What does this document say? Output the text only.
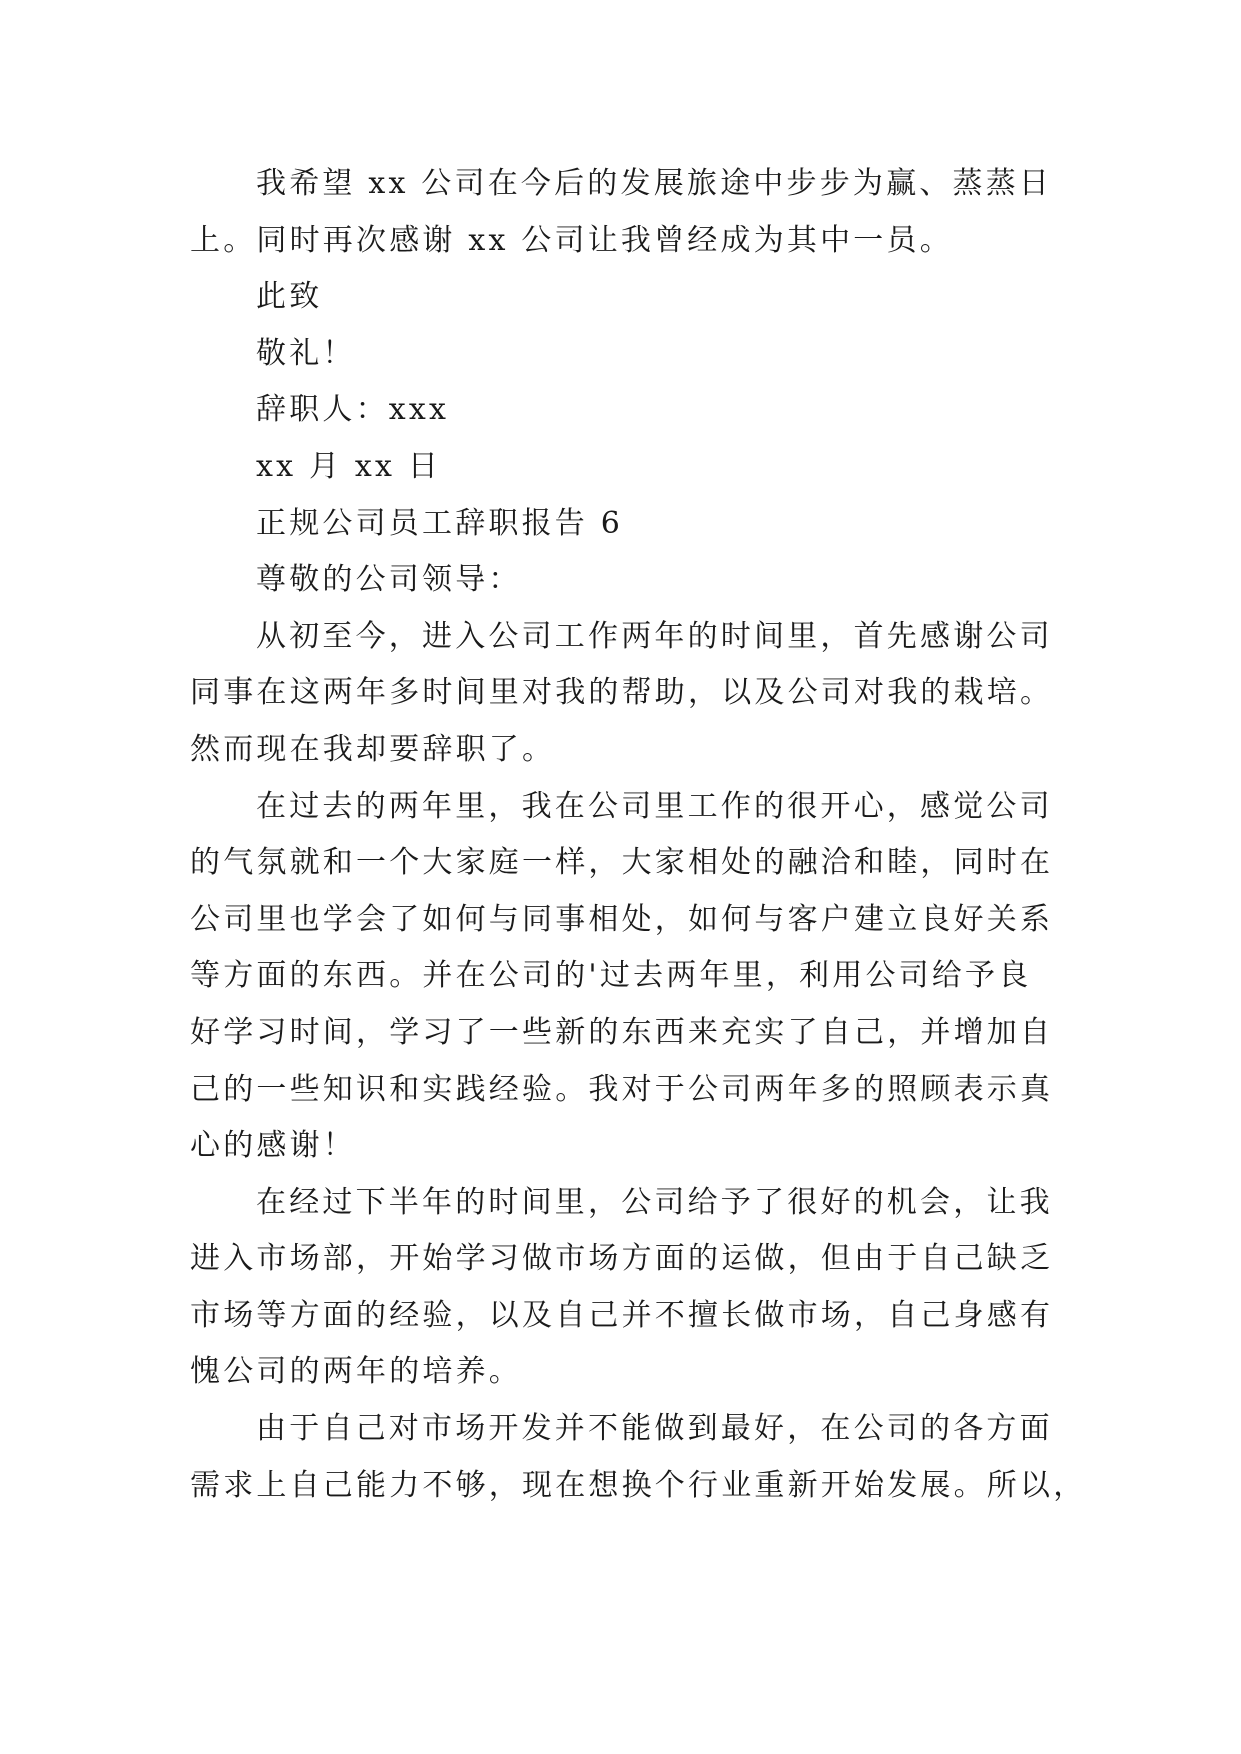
我希望 xx 公司在今后的发展旅途中步步为赢、蒸蒸日
上。同时再次感谢 xx 公司让我曾经成为其中一员。
此致
敬礼！
辞职人：xxx
xx 月 xx 日
正规公司员工辞职报告 6
尊敬的公司领导：
从初至今，进入公司工作两年的时间里，首先感谢公司
同事在这两年多时间里对我的帮助，以及公司对我的栽培。
然而现在我却要辞职了。
在过去的两年里，我在公司里工作的很开心，感觉公司
的气氛就和一个大家庭一样，大家相处的融洽和睦，同时在
公司里也学会了如何与同事相处，如何与客户建立良好关系
等方面的东西。并在公司的'过去两年里，利用公司给予良
好学习时间，学习了一些新的东西来充实了自己，并增加自
己的一些知识和实践经验。我对于公司两年多的照顾表示真
心的感谢！
在经过下半年的时间里，公司给予了很好的机会，让我
进入市场部，开始学习做市场方面的运做，但由于自己缺乏
市场等方面的经验，以及自己并不擅长做市场，自己身感有
愧公司的两年的培养。
由于自己对市场开发并不能做到最好，在公司的各方面
需求上自己能力不够，现在想换个行业重新开始发展。所以，
